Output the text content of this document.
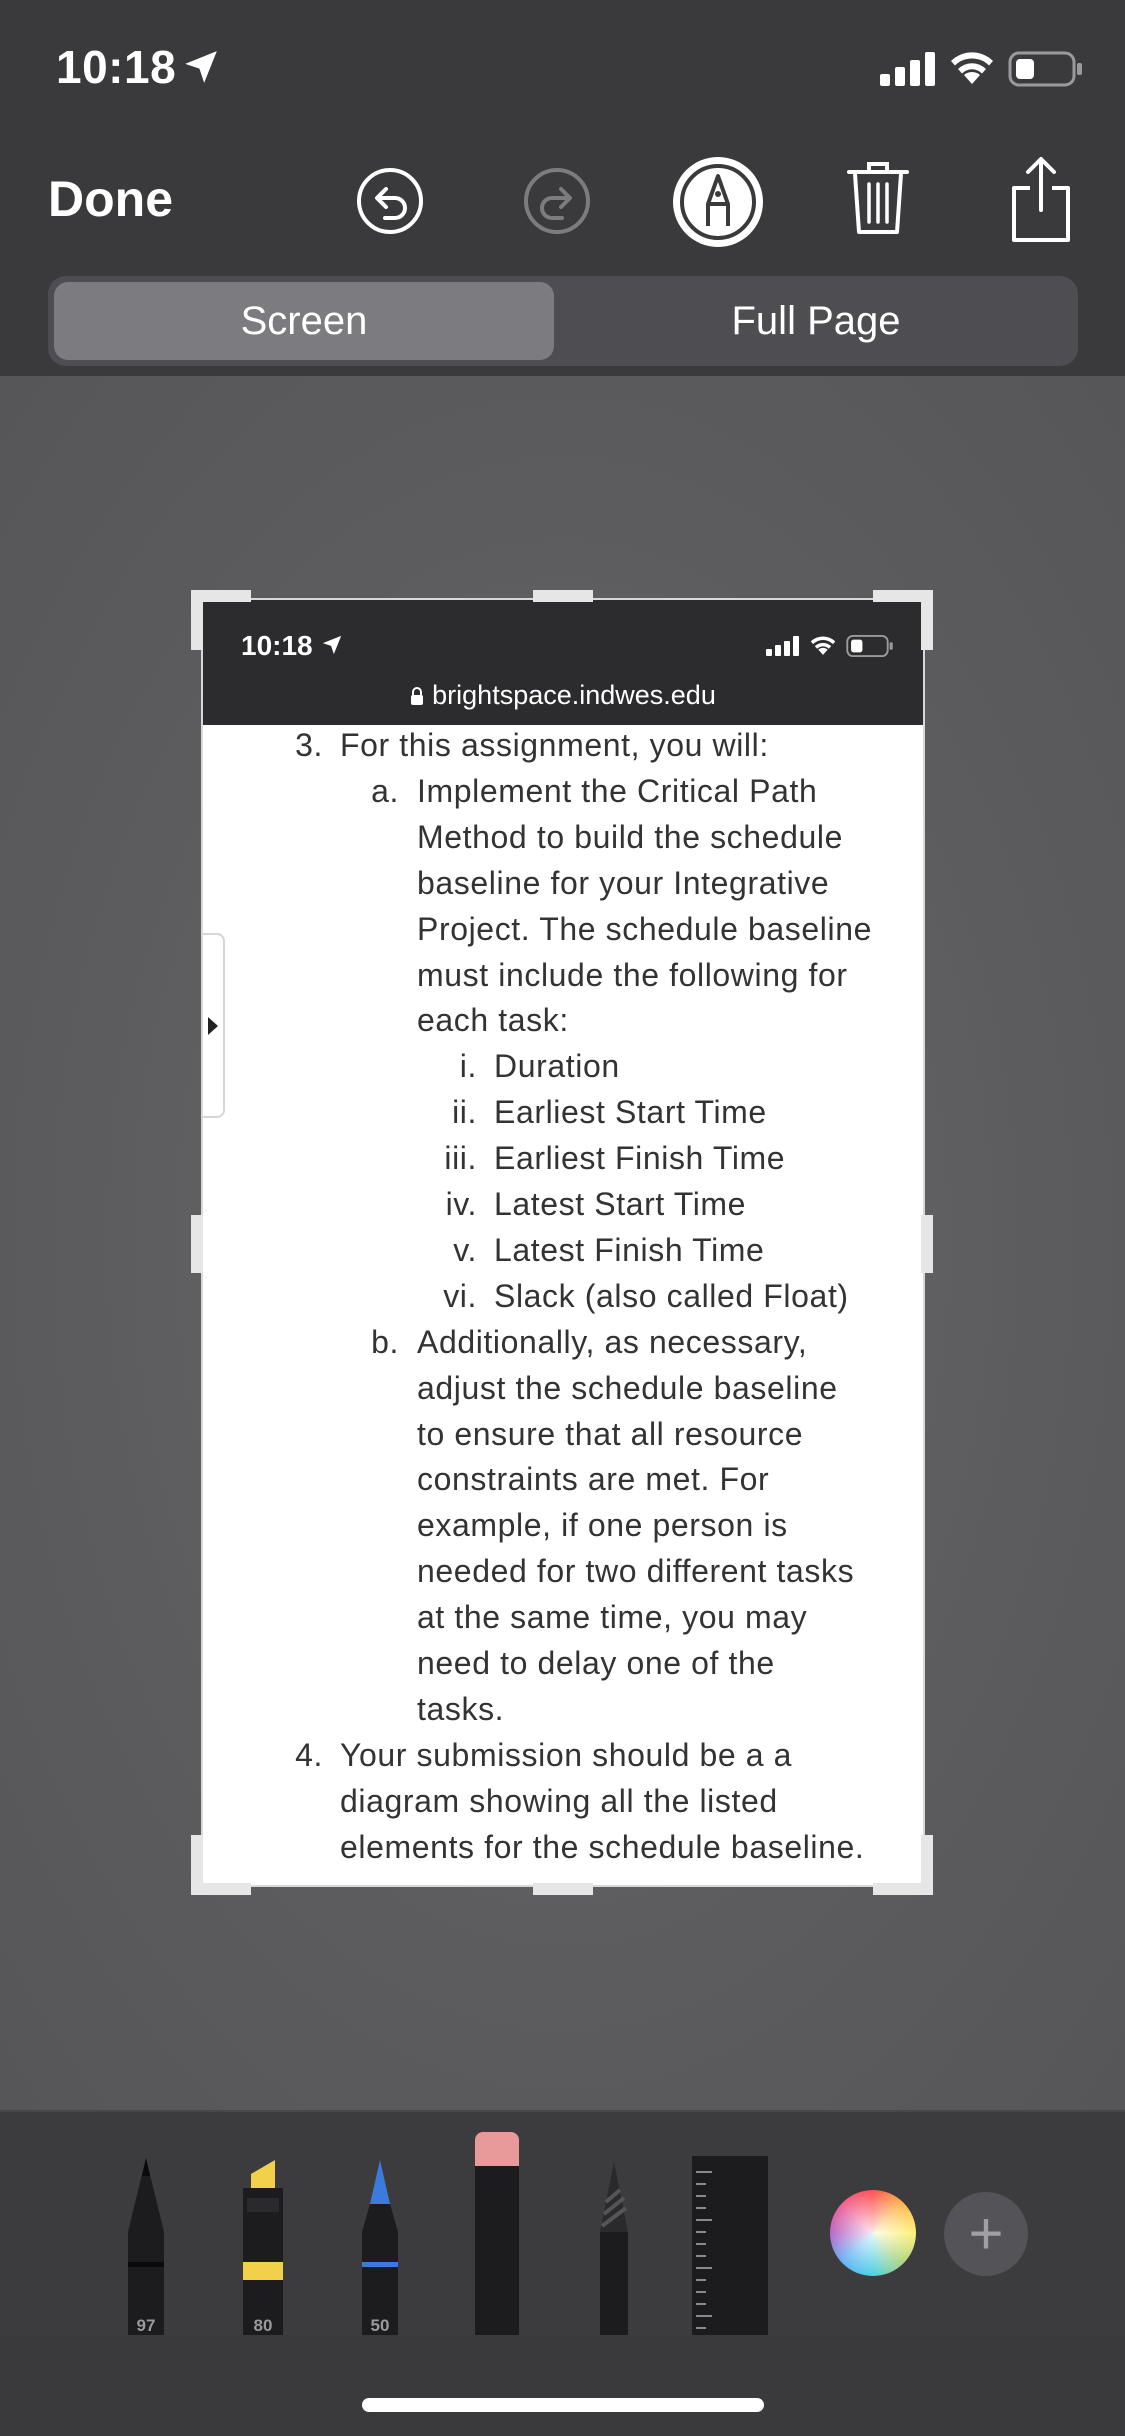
10:18
Done
Screen	Full Page
10:18
brightspace.indwes.edu
3. For this assignment, you will:
a. Implement the Critical Path
Method to build the schedule
baseline for your Integrative
Project. The schedule baseline
must include the following for
each task:
i. Duration
ii. Earliest Start Time
iii. Earliest Finish Time
iv. Latest Start Time
v. Latest Finish Time
vi. Slack (also called Float)
b. Additionally, as necessary,
adjust the schedule baseline
to ensure that all resource
constraints are met. For
example, if one person is
needed for two different tasks
at the same time, you may
need to delay one of the
tasks.
4. Your submission should be a a
diagram showing all the listed
elements for the schedule baseline.
97	80	50
+
